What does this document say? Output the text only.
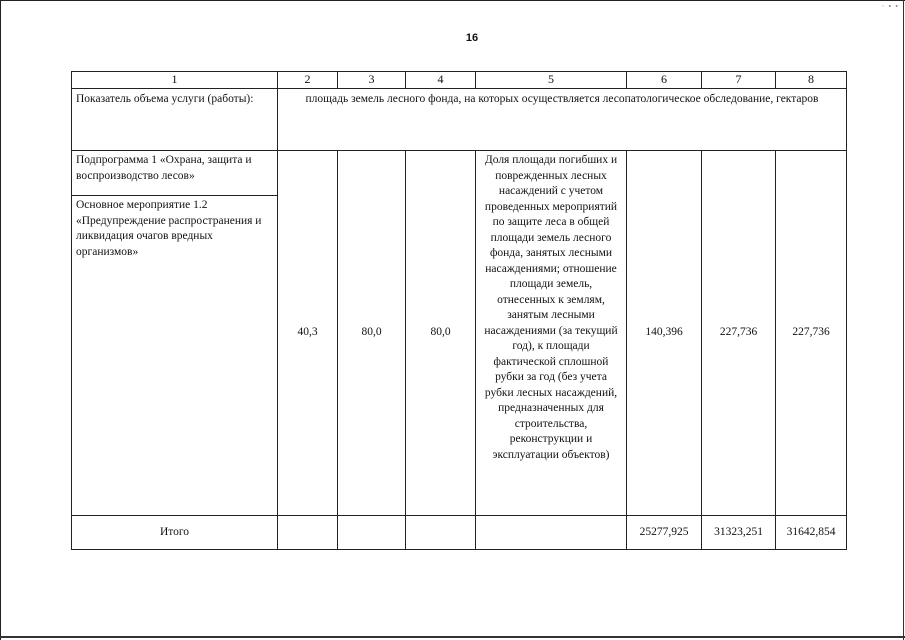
· • •
16
1	2	3	4	5	6	7	8
Показатель объема услуги (работы):	площадь земель лесного фонда, на которых осуществляется лесопатологическое обследование, гектаров						
Подпрограмма 1 «Охрана, защита и воспроизводство лесов»	40,3	80,0	80,0	Доля площади погибших и поврежденных лесных насаждений с учетом проведенных мероприятий по защите леса в общей площади земель лесного фонда, занятых лесными насаждениями; отношение площади земель, отнесенных к землям, занятым лесными насаждениями (за текущий год), к площади фактической сплошной рубки за год (без учета рубки лесных насаждений, предназначенных для строительства, реконструкции и эксплуатации объектов)	140,396	227,736	227,736
Основное мероприятие 1.2 «Предупреждение распространения и ликвидация очагов вредных организмов»							
Итого					25277,925	31323,251	31642,854
